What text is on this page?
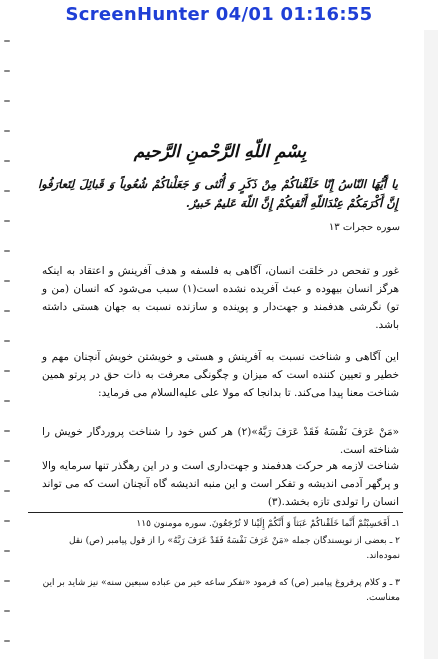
ScreenHunter 04/01 01:16:55
بِسْمِ اللّهِ الرَّحْمنِ الرَّحيم
يا أَيُّهَا النّاسُ إِنّا خَلَقْناكُمْ مِنْ ذَكَرٍ وَ أُنْثى وَ جَعَلْناكُمْ شُعُوباً وَ قَبائِلَ لِتَعارَفُوا إِنَّ أَكْرَمَكُمْ عِنْدَاللّهِ أَتْقيكُمْ إِنَّ اللّهَ عَليمٌ خَبيرٌ.
سوره حجرات ١٣
غور و تفحص در خلقت انسان، آگاهی به فلسفه و هدف آفرینش و اعتقاد به اینکه هرگز انسان بیهوده و عبث آفریده نشده است(١) سبب می‌شود که انسان (من و تو) نگرشی هدفمند و جهت‌دار و پوینده و سازنده نسبت به جهان هستی داشته باشد.
این آگاهی و شناخت نسبت به آفرینش و هستی و خویشتن خویش آنچنان مهم و خطیر و تعیین کننده است که میزان و چگونگی معرفت به ذات حق در پرتو همین شناخت معنا پیدا می‌کند. تا بدانجا که مولا علی علیه‌السلام می فرماید:
«مَنْ عَرَفَ نَفْسَهُ فَقَدْ عَرَفَ رَبَّهُ»(٢) هر کس خود را شناخت پروردگار خویش را شناخته است.
شناخت لازمه هر حرکت هدفمند و جهت‌داری است و در این رهگذر تنها سرمایه والا و پرگهر آدمی اندیشه و تفکر است و این منبه اندیشه گاه آنچنان است که می تواند انسان را تولدی تازه بخشد.(٣)
١ـ أَفَحَسِبْتُمْ أَنَّما خَلَقْناكُمْ عَبَثاً وَ أَنَّكُمْ إِلَيْنا لا تُرْجَعُونَ. سوره مومنون ١١٥
٢ ـ بعضی از نویسندگان جمله «مَنْ عَرَفَ نَفْسَهُ فَقَدْ عَرَفَ رَبَّهُ» را از قول پیامبر (ص) نقل نموده‌اند.
٣ ـ و کلام پرفروغ پیامبر (ص) که فرمود «تفکر ساعه خیر من عباده سبعین سنه» نیز شاید بر این معناست.
